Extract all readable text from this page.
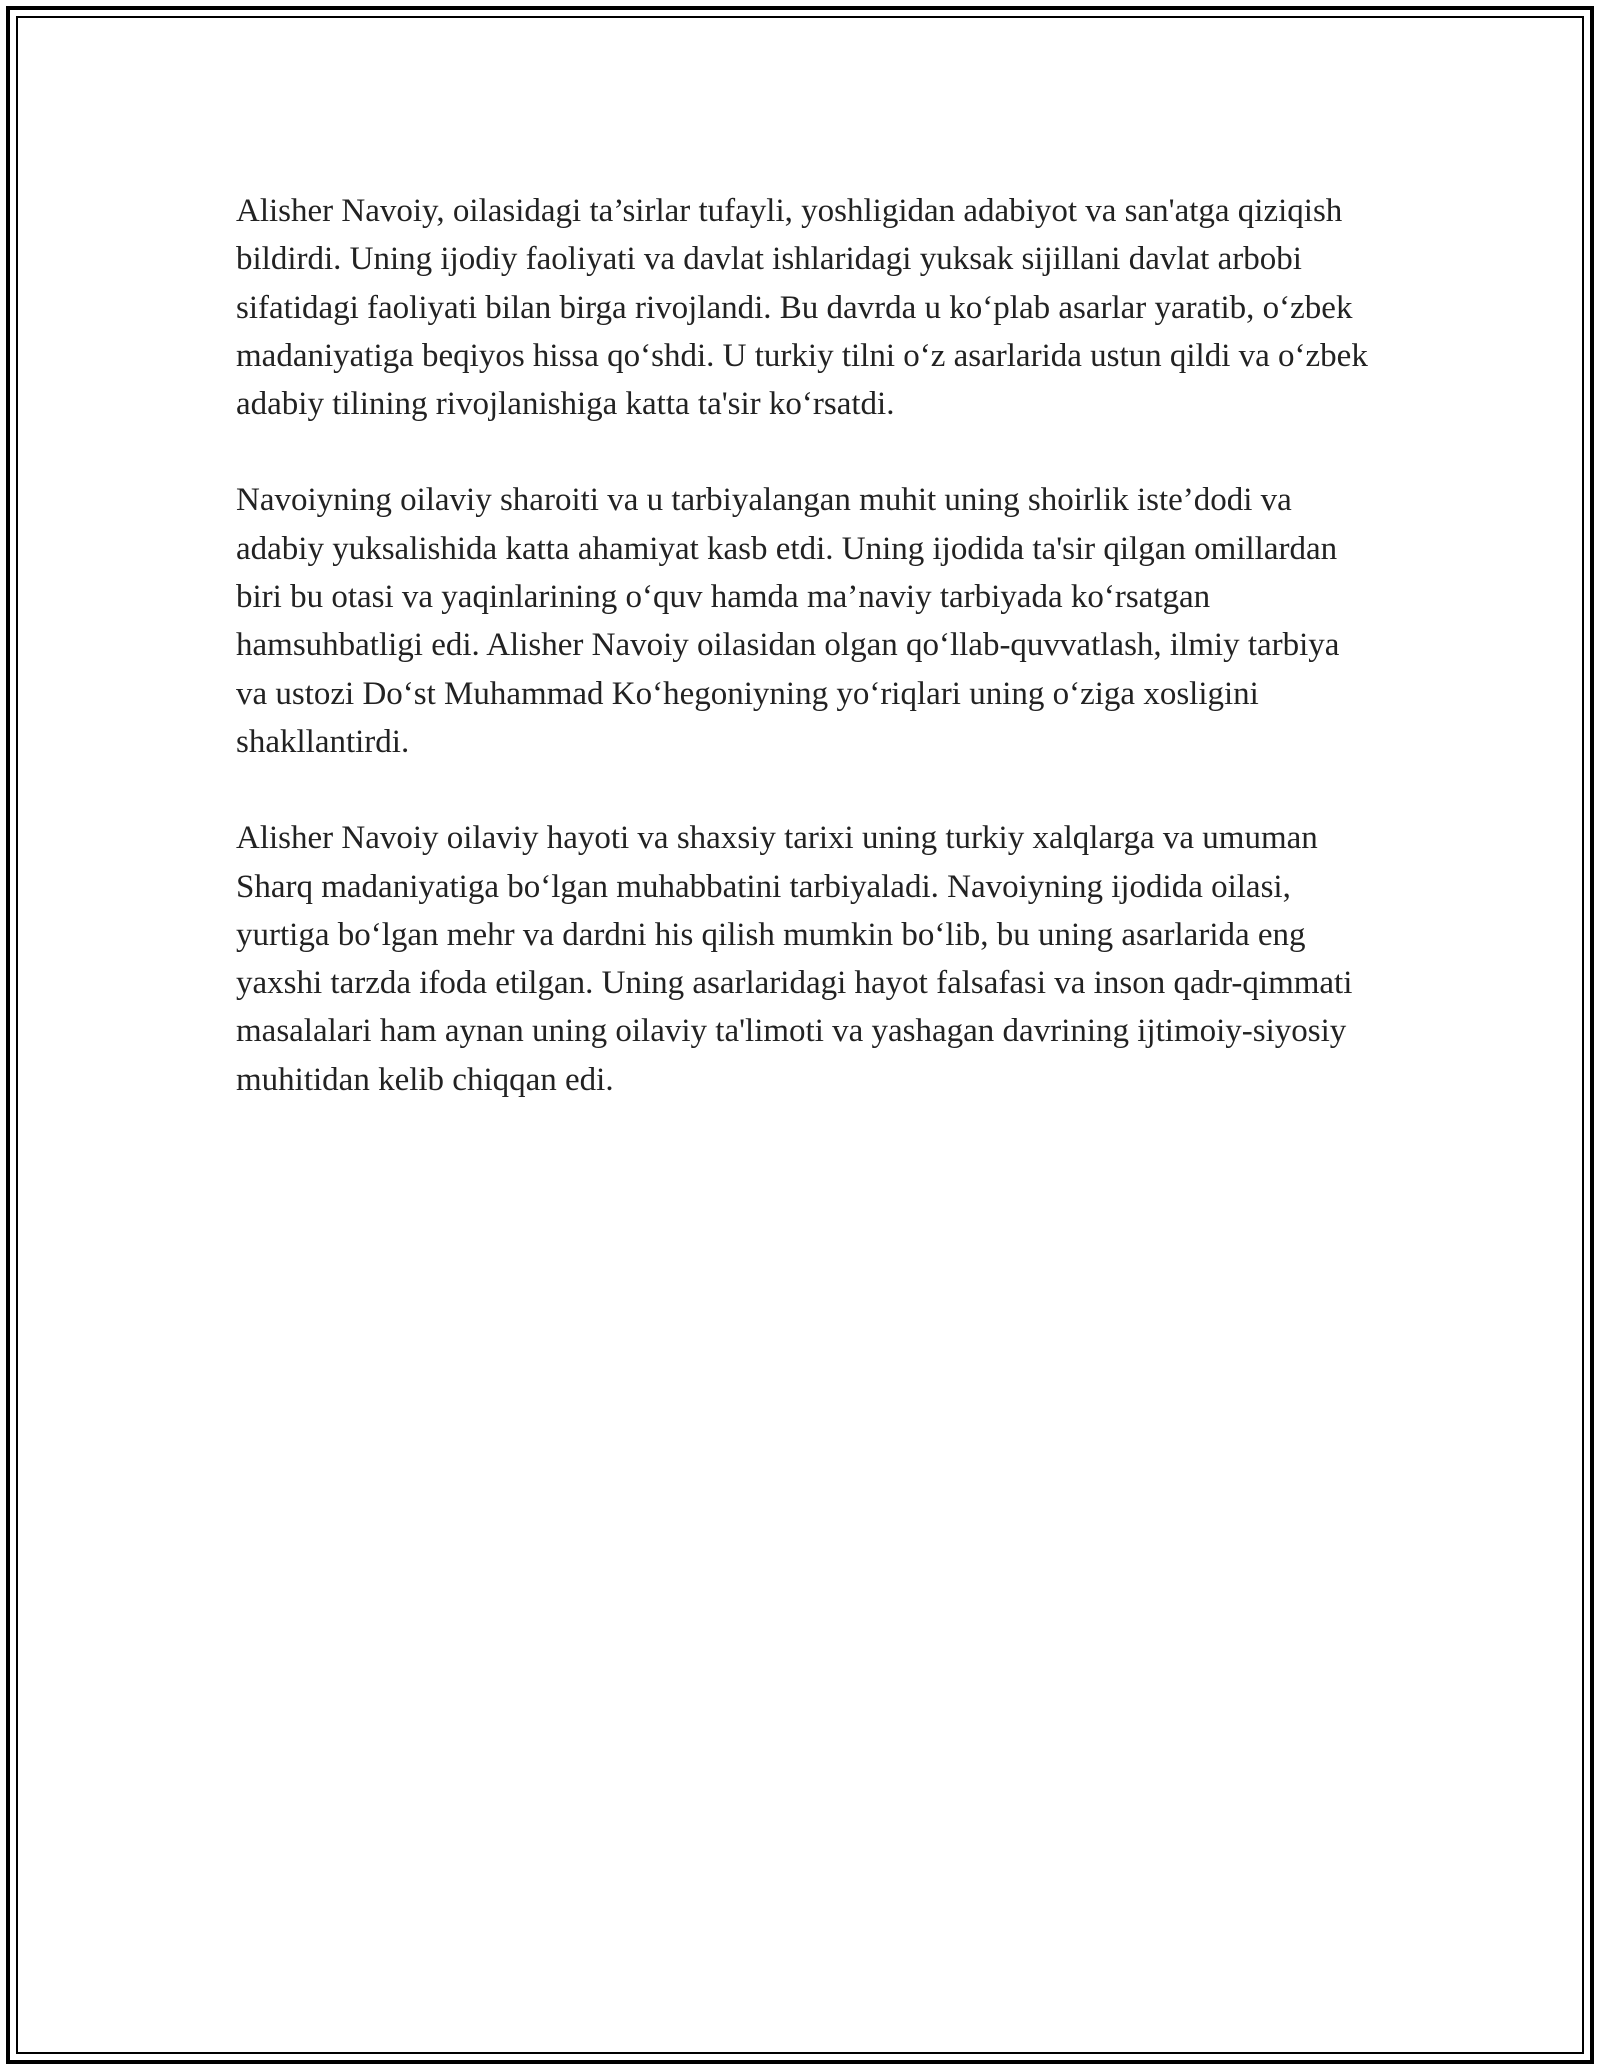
Alisher Navoiy, oilasidagi ta’sirlar tufayli, yoshligidan adabiyot va san'atga qiziqish bildirdi. Uning ijodiy faoliyati va davlat ishlaridagi yuksak sijillani davlat arbobi sifatidagi faoliyati bilan birga rivojlandi. Bu davrda u ko‘plab asarlar yaratib, o‘zbek madaniyatiga beqiyos hissa qo‘shdi. U turkiy tilni o‘z asarlarida ustun qildi va o‘zbek adabiy tilining rivojlanishiga katta ta'sir ko‘rsatdi.

Navoiyning oilaviy sharoiti va u tarbiyalangan muhit uning shoirlik iste’dodi va adabiy yuksalishida katta ahamiyat kasb etdi. Uning ijodida ta'sir qilgan omillardan biri bu otasi va yaqinlarining o‘quv hamda ma’naviy tarbiyada ko‘rsatgan hamsuhbatligi edi. Alisher Navoiy oilasidan olgan qo‘llab-quvvatlash, ilmiy tarbiya va ustozi Do‘st Muhammad Ko‘hegoniyning yo‘riqlari uning o‘ziga xosligini shakllantirdi.

Alisher Navoiy oilaviy hayoti va shaxsiy tarixi uning turkiy xalqlarga va umuman Sharq madaniyatiga bo‘lgan muhabbatini tarbiyaladi. Navoiyning ijodida oilasi, yurtiga bo‘lgan mehr va dardni his qilish mumkin bo‘lib, bu uning asarlarida eng yaxshi tarzda ifoda etilgan. Uning asarlaridagi hayot falsafasi va inson qadr-qimmati masalalari ham aynan uning oilaviy ta'limoti va yashagan davrining ijtimoiy-siyosiy muhitidan kelib chiqqan edi.
